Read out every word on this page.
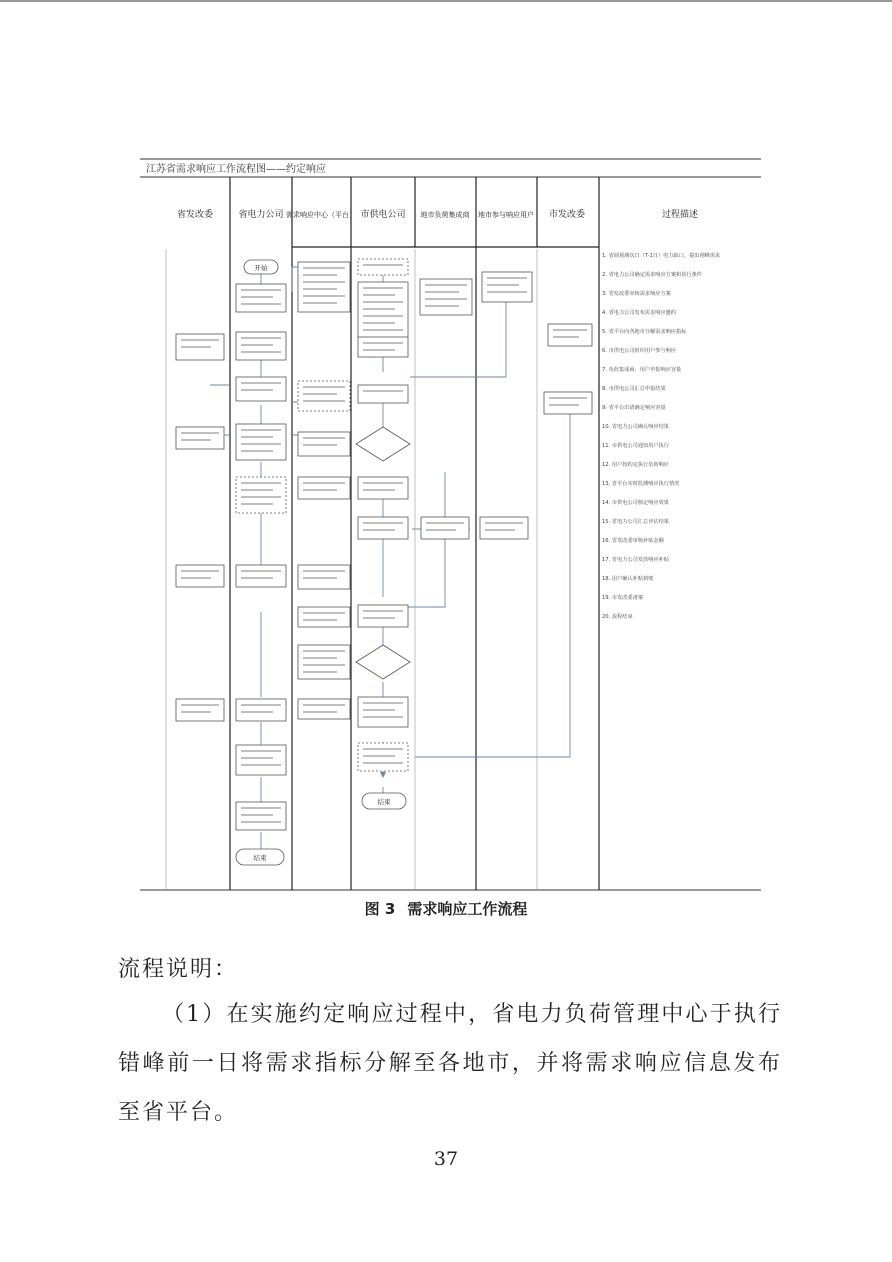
江苏省需求响应工作流程图——约定响应
省发改委	省电力公司 需求响应中心（平台） 市供电公司 地市负荷集成商 地市参与响应用户 市发改委	过程描述
开始
结束
结束
1. 省调预测次日（T-1日）电力缺口，提出削峰需求
2. 省电力公司确定需求响应方案和执行条件
3. 省发改委审核需求响应方案
4. 省电力公司发布需求响应邀约
5. 省平台向各地市分解需求响应指标
6. 市供电公司组织用户参与响应
7. 负荷集成商、用户申报响应容量
8. 市供电公司汇总申报结果
9. 省平台出清确定响应容量
10. 省电力公司确认响应结果
11. 市供电公司通知用户执行
12. 用户按约定执行负荷响应
13. 省平台实时监测响应执行情况
14. 市供电公司核定响应效果
15. 省电力公司汇总评估结果
16. 省发改委审核补贴金额
17. 省电力公司发放响应补贴
18. 用户确认补贴到账
19. 市发改委备案
20. 流程结束
图 3 需求响应工作流程
流程说明：
（1）在实施约定响应过程中，省电力负荷管理中心于执行错峰前一日将需求指标分解至各地市，并将需求响应信息发布至省平台。
37
